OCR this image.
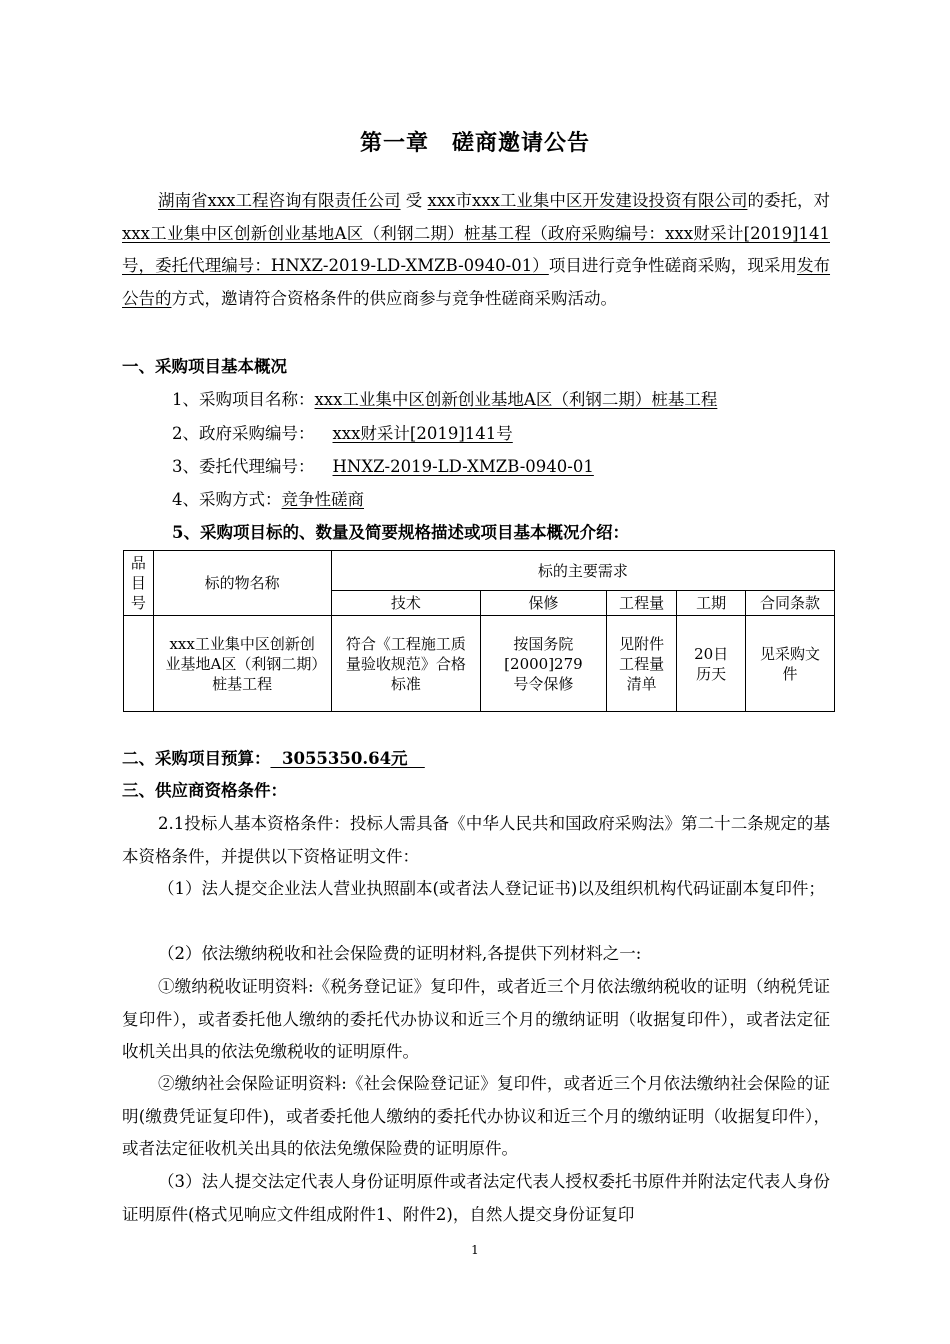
第一章　磋商邀请公告

湖南省xxx工程咨询有限责任公司 受 xxx市xxx工业集中区开发建设投资有限公司的委托，对xxx工业集中区创新创业基地A区（利钢二期）桩基工程（政府采购编号：xxx财采计[2019]141号，委托代理编号：HNXZ-2019-LD-XMZB-0940-01）项目进行竞争性磋商采购，现采用发布公告的方式，邀请符合资格条件的供应商参与竞争性磋商采购活动。

一、采购项目基本概况
1、采购项目名称：xxx工业集中区创新创业基地A区（利钢二期）桩基工程
2、政府采购编号： xxx财采计[2019]141号
3、委托代理编号： HNXZ-2019-LD-XMZB-0940-01
4、采购方式：竞争性磋商
5、采购项目标的、数量及简要规格描述或项目基本概况介绍：
品目号	标的物名称	标的主要需求				
		技术	保修	工程量	工期	合同条款
	xxx工业集中区创新创业基地A区（利钢二期）桩基工程	符合《工程施工质量验收规范》合格标准	按国务院[2000]279号令保修	见附件工程量清单	20日历天	见采购文件
二、采购项目预算：  3055350.64元
三、供应商资格条件：

2.1投标人基本资格条件：投标人需具备《中华人民共和国政府采购法》第二十二条规定的基本资格条件，并提供以下资格证明文件：

（1）法人提交企业法人营业执照副本(或者法人登记证书)以及组织机构代码证副本复印件；

（2）依法缴纳税收和社会保险费的证明材料,各提供下列材料之一:

①缴纳税收证明资料:《税务登记证》复印件，或者近三个月依法缴纳税收的证明（纳税凭证复印件），或者委托他人缴纳的委托代办协议和近三个月的缴纳证明（收据复印件），或者法定征收机关出具的依法免缴税收的证明原件。

②缴纳社会保险证明资料:《社会保险登记证》复印件，或者近三个月依法缴纳社会保险的证明(缴费凭证复印件)，或者委托他人缴纳的委托代办协议和近三个月的缴纳证明（收据复印件），或者法定征收机关出具的依法免缴保险费的证明原件。

（3）法人提交法定代表人身份证明原件或者法定代表人授权委托书原件并附法定代表人身份证明原件(格式见响应文件组成附件1、附件2)，自然人提交身份证复印

1
